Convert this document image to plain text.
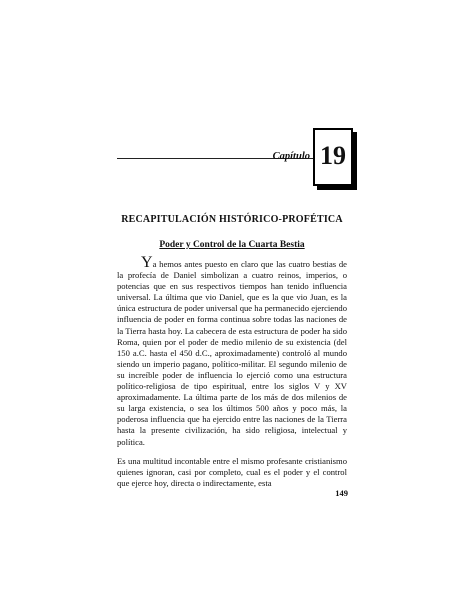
Capítulo 19
RECAPITULACIÓN HISTÓRICO-PROFÉTICA
Poder y Control de la Cuarta Bestia

Ya hemos antes puesto en claro que las cuatro bestias de la profecía de Daniel simbolizan a cuatro reinos, imperios, o potencias que en sus respectivos tiempos han tenido influencia universal. La última que vio Daniel, que es la que vio Juan, es la única estructura de poder universal que ha permanecido ejerciendo influencia de poder en forma continua sobre todas las naciones de la Tierra hasta hoy. La cabecera de esta estructura de poder ha sido Roma, quien por el poder de medio milenio de su existencia (del 150 a.C. hasta el 450 d.C., aproximadamente) controló al mundo siendo un imperio pagano, político-militar. El segundo milenio de su increíble poder de influencia lo ejerció como una estructura político-religiosa de tipo espiritual, entre los siglos V y XV aproximadamente. La última parte de los más de dos milenios de su larga existencia, o sea los últimos 500 años y poco más, la poderosa influencia que ha ejercido entre las naciones de la Tierra hasta la presente civilización, ha sido religiosa, intelectual y política.

Es una multitud incontable entre el mismo profesante cristianismo quienes ignoran, casi por completo, cual es el poder y el control que ejerce hoy, directa o indirectamente, esta

149
